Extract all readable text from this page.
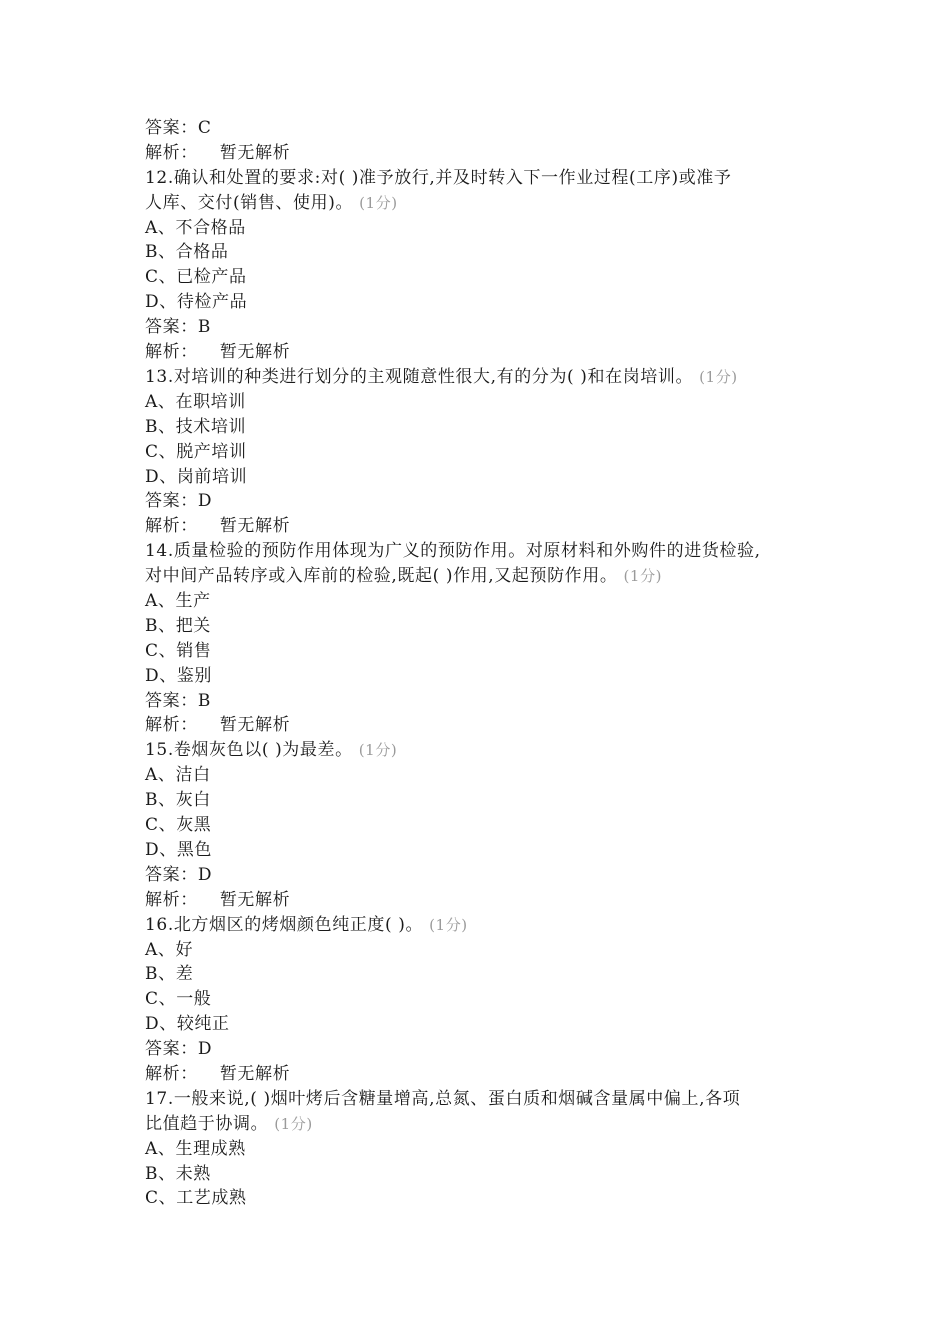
答案：C
解析： 暂无解析
12.确认和处置的要求:对( )准予放行,并及时转入下一作业过程(工序)或准予
人库、交付(销售、使用)。 (1分)
A、不合格品
B、合格品
C、已检产品
D、待检产品
答案：B
解析： 暂无解析
13.对培训的种类进行划分的主观随意性很大,有的分为( )和在岗培训。 (1分)
A、在职培训
B、技术培训
C、脱产培训
D、岗前培训
答案：D
解析： 暂无解析
14.质量检验的预防作用体现为广义的预防作用。对原材料和外购件的进货检验,
对中间产品转序或入库前的检验,既起( )作用,又起预防作用。 (1分)
A、生产
B、把关
C、销售
D、鉴别
答案：B
解析： 暂无解析
15.卷烟灰色以( )为最差。 (1分)
A、洁白
B、灰白
C、灰黑
D、黑色
答案：D
解析： 暂无解析
16.北方烟区的烤烟颜色纯正度( )。 (1分)
A、好
B、差
C、一般
D、较纯正
答案：D
解析： 暂无解析
17.一般来说,( )烟叶烤后含糖量增高,总氮、蛋白质和烟碱含量属中偏上,各项
比值趋于协调。 (1分)
A、生理成熟
B、未熟
C、工艺成熟
